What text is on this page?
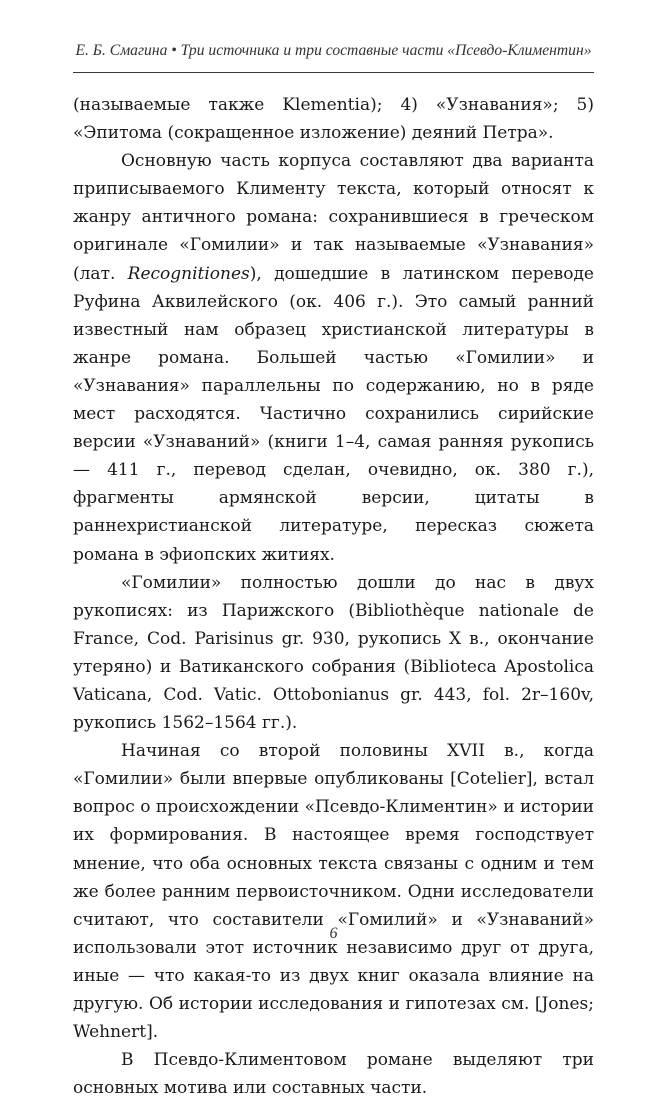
Е. Б. Смагина • Три источника и три составные части «Псевдо-Климентин»

(называемые также Klementia); 4) «Узнавания»; 5) «Эпитома (сокращенное изложение) деяний Петра».

Основную часть корпуса составляют два варианта приписываемого Клименту текста, который относят к жанру античного романа: сохранившиеся в греческом оригинале «Гомилии» и так называемые «Узнавания» (лат. Recognitiones), дошедшие в латинском переводе Руфина Аквилейского (ок. 406 г.). Это самый ранний известный нам образец христианской литературы в жанре романа. Большей частью «Гомилии» и «Узнавания» параллельны по содержанию, но в ряде мест расходятся. Частично сохранились сирийские версии «Узнаваний» (книги 1–4, самая ранняя рукопись — 411 г., перевод сделан, очевидно, ок. 380 г.), фрагменты армянской версии, цитаты в раннехристианской литературе, пересказ сюжета романа в эфиопских житиях.

«Гомилии» полностью дошли до нас в двух рукописях: из Парижского (Bibliothèque nationale de France, Cod. Parisinus gr. 930, рукопись X в., окончание утеряно) и Ватиканского собрания (Biblioteca Apostolica Vaticana, Cod. Vatic. Ottobonianus gr. 443, fol. 2r–160v, рукопись 1562–1564 гг.).

Начиная со второй половины XVII в., когда «Гомилии» были впервые опубликованы [Cotelier], встал вопрос о происхождении «Псевдо-Климентин» и истории их формирования. В настоящее время господствует мнение, что оба основных текста связаны с одним и тем же более ранним первоисточником. Одни исследователи считают, что составители «Гомилий» и «Узнаваний» использовали этот источник независимо друг от друга, иные — что какая-то из двух книг оказала влияние на другую. Об истории исследования и гипотезах см. [Jones; Wehnert].

В Псевдо-Климентовом романе выделяют три основных мотива или составных части.

6
